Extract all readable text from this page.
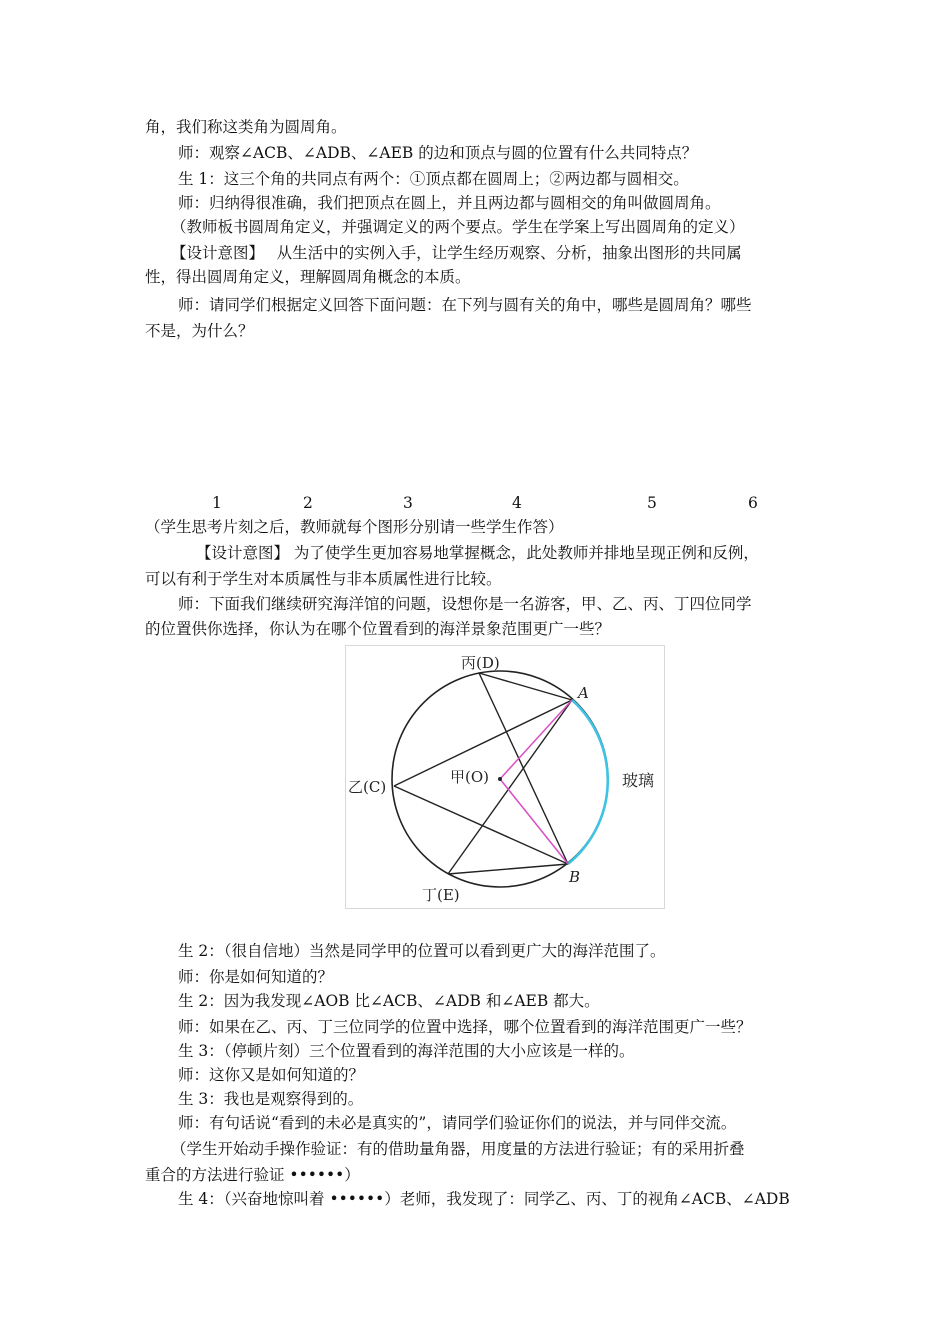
角，我们称这类角为圆周角。
师：观察∠ACB、∠ADB、∠AEB 的边和顶点与圆的位置有什么共同特点？
生 1：这三个角的共同点有两个：①顶点都在圆周上；②两边都与圆相交。
师：归纳得很准确，我们把顶点在圆上，并且两边都与圆相交的角叫做圆周角。
（教师板书圆周角定义，并强调定义的两个要点。学生在学案上写出圆周角的定义）
【设计意图】　 从生活中的实例入手，让学生经历观察、分析，抽象出图形的共同属
性，得出圆周角定义，理解圆周角概念的本质。
师：请同学们根据定义回答下面问题：在下列与圆有关的角中，哪些是圆周角？哪些
不是，为什么？
1	2	3	4	5	6
（学生思考片刻之后，教师就每个图形分别请一些学生作答）
【设计意图】 为了使学生更加容易地掌握概念，此处教师并排地呈现正例和反例，
可以有利于学生对本质属性与非本质属性进行比较。
师：下面我们继续研究海洋馆的问题，设想你是一名游客，甲、乙、丙、丁四位同学
的位置供你选择，你认为在哪个位置看到的海洋景象范围更广一些？
丙(D)
A
乙(C)
甲(O)	玻璃
丁(E)
B
生 2：（很自信地）当然是同学甲的位置可以看到更广大的海洋范围了。
师：你是如何知道的？
生 2：因为我发现∠AOB 比∠ACB、∠ADB 和∠AEB 都大。
师：如果在乙、丙、丁三位同学的位置中选择，哪个位置看到的海洋范围更广一些？
生 3：（停顿片刻）三个位置看到的海洋范围的大小应该是一样的。
师：这你又是如何知道的？
生 3：我也是观察得到的。
师：有句话说“看到的未必是真实的”，请同学们验证你们的说法，并与同伴交流。
（学生开始动手操作验证：有的借助量角器，用度量的方法进行验证；有的采用折叠
重合的方法进行验证 ••••••）
生 4：（兴奋地惊叫着 ••••••）老师，我发现了：同学乙、丙、丁的视角∠ACB、∠ADB
